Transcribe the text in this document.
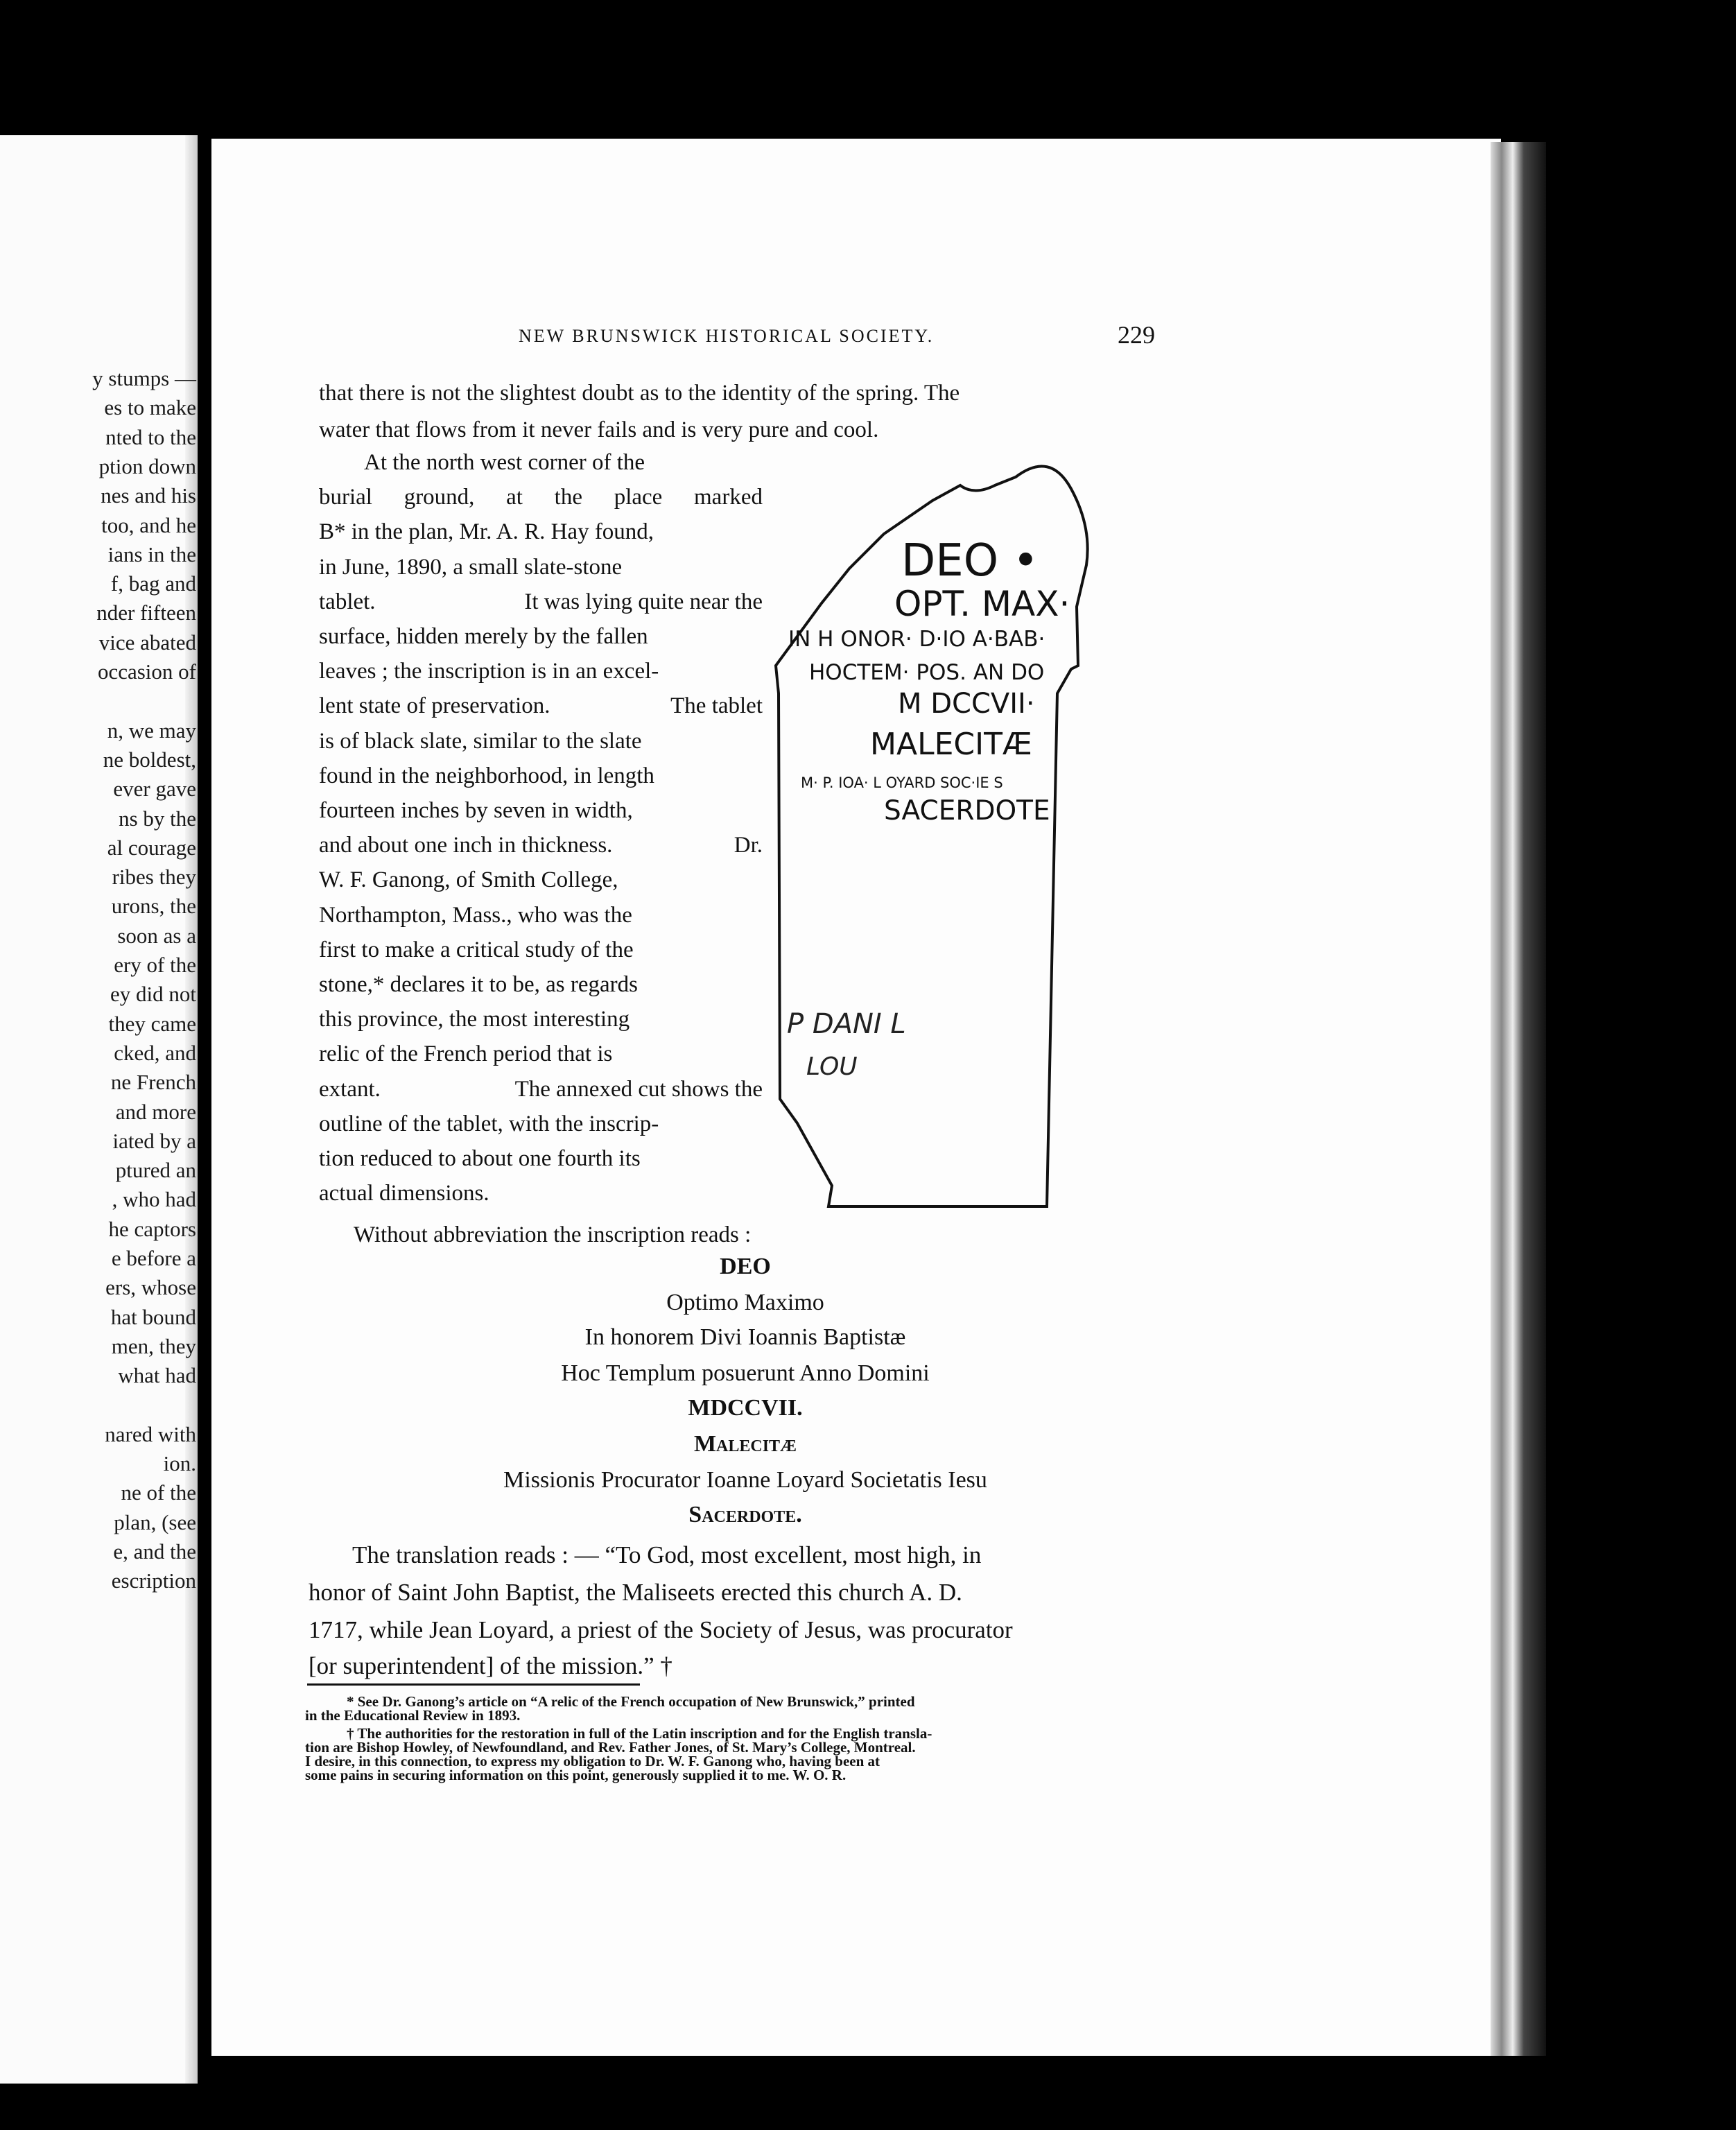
y stumps —
es to make
nted to the
ption down
nes and his
too, and he
ians in the
f, bag and
nder fifteen
vice abated
occasion of
n, we may
ne boldest,
ever gave
ns by the
al courage
ribes they
urons, the
soon as a
ery of the
ey did not
they came
cked, and
ne French
and more
iated by a
ptured an
, who had
he captors
e before a
ers, whose
hat bound
men, they
what had
nared with
ion.
ne of the
plan, (see
e, and the
escription
NEW BRUNSWICK HISTORICAL SOCIETY.	229
that there is not the slightest doubt as to the identity of the spring. The
water that flows from it never fails and is very pure and cool.
At the north west corner of the
burial ground, at the place marked
B* in the plan, Mr. A. R. Hay found,
in June, 1890, a small slate-stone
tablet.	It was lying quite near the
surface, hidden merely by the fallen
leaves ; the inscription is in an excel-
lent state of preservation.	The tablet
is of black slate, similar to the slate
found in the neighborhood, in length
fourteen inches by seven in width,
and about one inch in thickness.	Dr.
W. F. Ganong, of Smith College,
Northampton, Mass., who was the
first to make a critical study of the
stone,* declares it to be, as regards
this province, the most interesting
relic of the French period that is
extant.	The annexed cut shows the
outline of the tablet, with the inscrip-
tion reduced to about one fourth its
actual dimensions.
DEO •
OPT. MAX·
IN H ONOR· D·IO A·BAB·
HOCTEM· POS. AN DO
M DCCVII·
MALECITÆ
M· P. IOA· L OYARD SOC·IE S
SACERDOTE
P DANI L
LOU
Without abbreviation the inscription reads :
DEO
Optimo Maximo
In honorem Divi Ioannis Baptistæ
Hoc Templum posuerunt Anno Domini
MDCCVII.
Malecitæ
Missionis Procurator Ioanne Loyard Societatis Iesu
Sacerdote.
The translation reads : — “To God, most excellent, most high, in
honor of Saint John Baptist, the Maliseets erected this church A. D.
1717, while Jean Loyard, a priest of the Society of Jesus, was procurator
[or superintendent] of the mission.” †
* See Dr. Ganong’s article on “A relic of the French occupation of New Brunswick,” printed
in the Educational Review in 1893.
† The authorities for the restoration in full of the Latin inscription and for the English transla-
tion are Bishop Howley, of Newfoundland, and Rev. Father Jones, of St. Mary’s College, Montreal.
I desire, in this connection, to express my obligation to Dr. W. F. Ganong who, having been at
some pains in securing information on this point, generously supplied it to me. W. O. R.
